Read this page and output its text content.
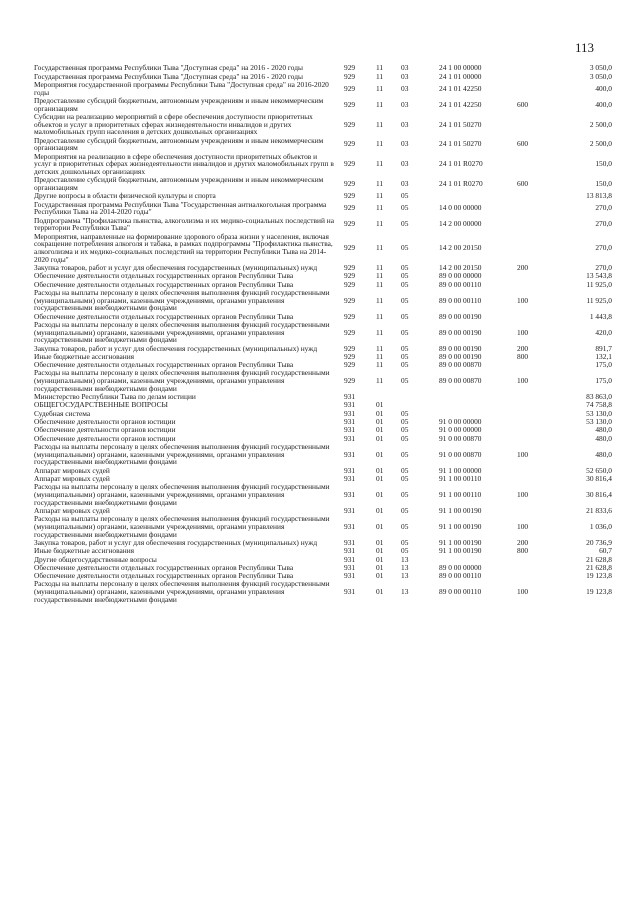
113
Государственная программа Республики Тыва "Доступная среда" на 2016 - 2020 годы	929	11	03	24 1 00 00000		3 050,0
Государственная программа Республики Тыва "Доступная среда" на 2016 - 2020 годы	929	11	03	24 1 01 00000		3 050,0
Мероприятия государственной программы Республики Тыва "Доступная среда" на 2016-2020 годы	929	11	03	24 1 01 42250		400,0
Предоставление субсидий бюджетным, автономным учреждениям и иным некоммерческим организациям	929	11	03	24 1 01 42250	600	400,0
Субсидии на реализацию мероприятий в сфере обеспечения доступности приоритетных объектов и услуг в приоритетных сферах жизнедеятельности инвалидов и других маломобильных групп населения в детских дошкольных организациях	929	11	03	24 1 01 50270		2 500,0
Предоставление субсидий бюджетным, автономным учреждениям и иным некоммерческим организациям	929	11	03	24 1 01 50270	600	2 500,0
Мероприятия на реализацию в сфере обеспечения доступности приоритетных объектов и услуг в приоритетных сферах жизнедеятельности инвалидов и других маломобильных групп в детских дошкольных организациях	929	11	03	24 1 01 R0270		150,0
Предоставление субсидий бюджетным, автономным учреждениям и иным некоммерческим организациям	929	11	03	24 1 01 R0270	600	150,0
Другие вопросы в области физической культуры и спорта	929	11	05			13 813,8
Государственная программа Республики Тыва "Государственная антиалкогольная программа Республики Тыва на 2014-2020 годы"	929	11	05	14 0 00 00000		270,0
Подпрограмма "Профилактика пьянства, алкоголизма и их медико-социальных последствий на территории Республики Тыва"	929	11	05	14 2 00 00000		270,0
Мероприятия, направленные на формирование здорового образа жизни у населения, включая сокращение потребления алкоголя и табака, в рамках подпрограммы "Профилактика пьянства, алкоголизма и их медико-социальных последствий на территории Республики Тыва на 2014-2020 годы"	929	11	05	14 2 00 20150		270,0
Закупка товаров, работ и услуг для обеспечения государственных (муниципальных) нужд	929	11	05	14 2 00 20150	200	270,0
Обеспечение деятельности отдельных государственных органов Республики Тыва	929	11	05	89 0 00 00000		13 543,8
Обеспечение деятельности отдельных государственных органов Республики Тыва	929	11	05	89 0 00 00110		11 925,0
Расходы на выплаты персоналу в целях обеспечения выполнения функций государственными (муниципальными) органами, казенными учреждениями, органами управления государственными внебюджетными фондами	929	11	05	89 0 00 00110	100	11 925,0
Обеспечение деятельности отдельных государственных органов Республики Тыва	929	11	05	89 0 00 00190		1 443,8
Расходы на выплаты персоналу в целях обеспечения выполнения функций государственными (муниципальными) органами, казенными учреждениями, органами управления государственными внебюджетными фондами	929	11	05	89 0 00 00190	100	420,0
Закупка товаров, работ и услуг для обеспечения государственных (муниципальных) нужд	929	11	05	89 0 00 00190	200	891,7
Иные бюджетные ассигнования	929	11	05	89 0 00 00190	800	132,1
Обеспечение деятельности отдельных государственных органов Республики Тыва	929	11	05	89 0 00 00870		175,0
Расходы на выплаты персоналу в целях обеспечения выполнения функций государственными (муниципальными) органами, казенными учреждениями, органами управления государственными внебюджетными фондами	929	11	05	89 0 00 00870	100	175,0
Министерство Республики Тыва по делам юстиции	931					83 863,0
ОБЩЕГОСУДАРСТВЕННЫЕ ВОПРОСЫ	931	01				74 758,8
Судебная система	931	01	05			53 130,0
Обеспечение деятельности органов юстиции	931	01	05	91 0 00 00000		53 130,0
Обеспечение деятельности органов юстиции	931	01	05	91 0 00 00000		480,0
Обеспечение деятельности органов юстиции	931	01	05	91 0 00 00870		480,0
Расходы на выплаты персоналу в целях обеспечения выполнения функций государственными (муниципальными) органами, казенными учреждениями, органами управления государственными внебюджетными фондами	931	01	05	91 0 00 00870	100	480,0
Аппарат мировых судей	931	01	05	91 1 00 00000		52 650,0
Аппарат мировых судей	931	01	05	91 1 00 00110		30 816,4
Расходы на выплаты персоналу в целях обеспечения выполнения функций государственными (муниципальными) органами, казенными учреждениями, органами управления государственными внебюджетными фондами	931	01	05	91 1 00 00110	100	30 816,4
Аппарат мировых судей	931	01	05	91 1 00 00190		21 833,6
Расходы на выплаты персоналу в целях обеспечения выполнения функций государственными (муниципальными) органами, казенными учреждениями, органами управления государственными внебюджетными фондами	931	01	05	91 1 00 00190	100	1 036,0
Закупка товаров, работ и услуг для обеспечения государственных (муниципальных) нужд	931	01	05	91 1 00 00190	200	20 736,9
Иные бюджетные ассигнования	931	01	05	91 1 00 00190	800	60,7
Другие общегосударственные вопросы	931	01	13			21 628,8
Обеспечение деятельности отдельных государственных органов Республики Тыва	931	01	13	89 0 00 00000		21 628,8
Обеспечение деятельности отдельных государственных органов Республики Тыва	931	01	13	89 0 00 00110		19 123,8
Расходы на выплаты персоналу в целях обеспечения выполнения функций государственными (муниципальными) органами, казенными учреждениями, органами управления государственными внебюджетными фондами	931	01	13	89 0 00 00110	100	19 123,8
